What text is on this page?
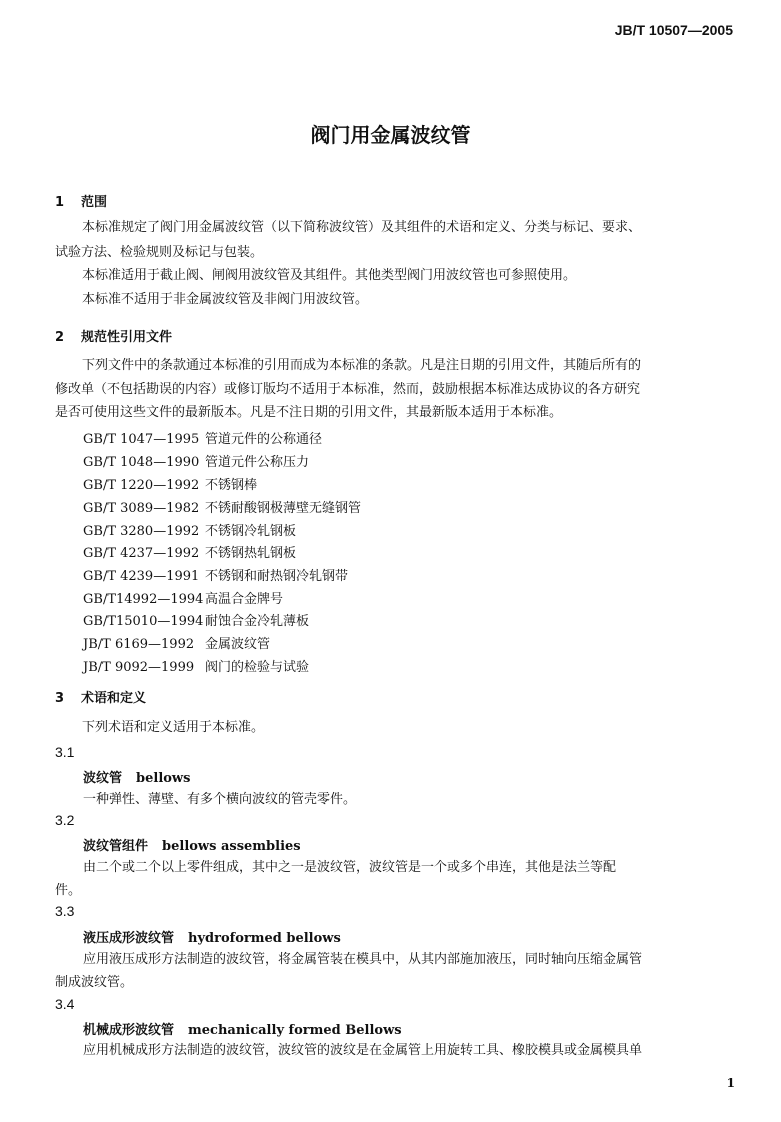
JB/T 10507—2005
阀门用金属波纹管
1 范围
本标准规定了阀门用金属波纹管（以下简称波纹管）及其组件的术语和定义、分类与标记、要求、
试验方法、检验规则及标记与包装。
本标准适用于截止阀、闸阀用波纹管及其组件。其他类型阀门用波纹管也可参照使用。
本标准不适用于非金属波纹管及非阀门用波纹管。
2 规范性引用文件
下列文件中的条款通过本标准的引用而成为本标准的条款。凡是注日期的引用文件，其随后所有的
修改单（不包括勘误的内容）或修订版均不适用于本标准，然而，鼓励根据本标准达成协议的各方研究
是否可使用这些文件的最新版本。凡是不注日期的引用文件，其最新版本适用于本标准。
GB/T 1047—1995 管道元件的公称通径
GB/T 1048—1990 管道元件公称压力
GB/T 1220—1992 不锈钢棒
GB/T 3089—1982 不锈耐酸钢极薄壁无缝钢管
GB/T 3280—1992 不锈钢冷轧钢板
GB/T 4237—1992 不锈钢热轧钢板
GB/T 4239—1991 不锈钢和耐热钢冷轧钢带
GB/T14992—1994 高温合金牌号
GB/T15010—1994 耐蚀合金冷轧薄板
JB/T 6169—1992 金属波纹管
JB/T 9092—1999 阀门的检验与试验
3 术语和定义
下列术语和定义适用于本标准。
3.1
波纹管 bellows
一种弹性、薄壁、有多个横向波纹的管壳零件。
3.2
波纹管组件 bellows assemblies
由二个或二个以上零件组成，其中之一是波纹管，波纹管是一个或多个串连，其他是法兰等配
件。
3.3
液压成形波纹管 hydroformed bellows
应用液压成形方法制造的波纹管，将金属管装在模具中，从其内部施加液压，同时轴向压缩金属管
制成波纹管。
3.4
机械成形波纹管 mechanically formed Bellows
应用机械成形方法制造的波纹管，波纹管的波纹是在金属管上用旋转工具、橡胶模具或金属模具单
1
